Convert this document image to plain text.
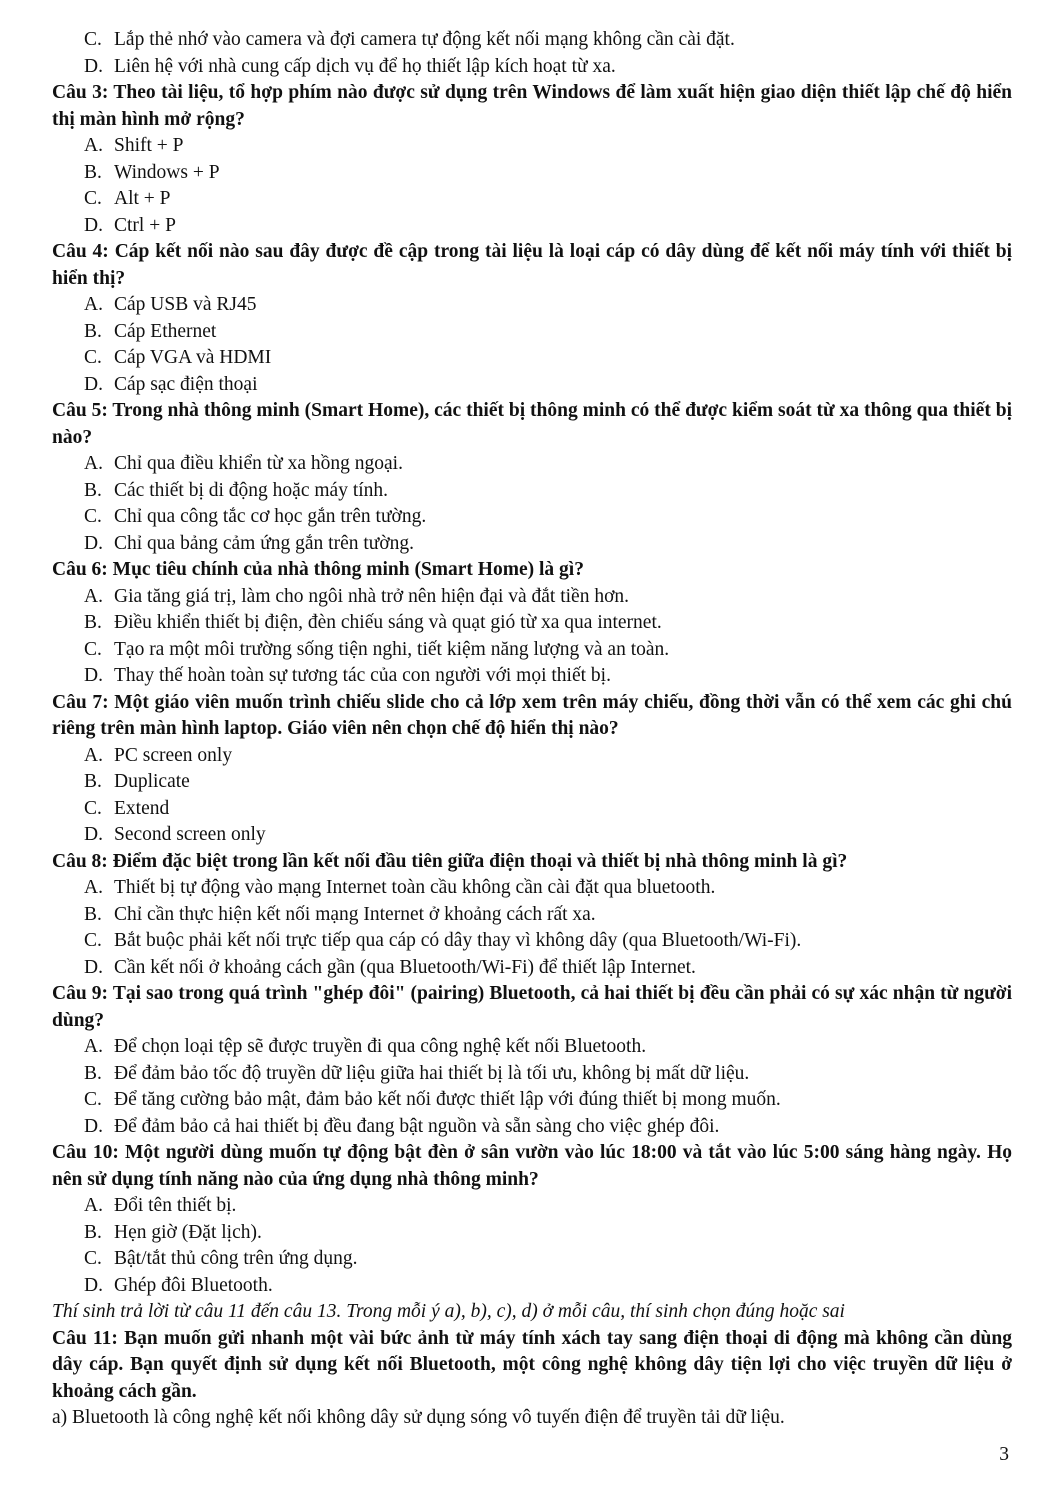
C. Lắp thẻ nhớ vào camera và đợi camera tự động kết nối mạng không cần cài đặt.
D. Liên hệ với nhà cung cấp dịch vụ để họ thiết lập kích hoạt từ xa.
Câu 3: Theo tài liệu, tổ hợp phím nào được sử dụng trên Windows để làm xuất hiện giao diện thiết lập chế độ hiển thị màn hình mở rộng?
A. Shift + P
B. Windows + P
C. Alt + P
D. Ctrl + P
Câu 4: Cáp kết nối nào sau đây được đề cập trong tài liệu là loại cáp có dây dùng để kết nối máy tính với thiết bị hiển thị?
A. Cáp USB và RJ45
B. Cáp Ethernet
C. Cáp VGA và HDMI
D. Cáp sạc điện thoại
Câu 5: Trong nhà thông minh (Smart Home), các thiết bị thông minh có thể được kiểm soát từ xa thông qua thiết bị nào?
A. Chỉ qua điều khiển từ xa hồng ngoại.
B. Các thiết bị di động hoặc máy tính.
C. Chỉ qua công tắc cơ học gắn trên tường.
D. Chỉ qua bảng cảm ứng gắn trên tường.
Câu 6: Mục tiêu chính của nhà thông minh (Smart Home) là gì?
A. Gia tăng giá trị, làm cho ngôi nhà trở nên hiện đại và đắt tiền hơn.
B. Điều khiển thiết bị điện, đèn chiếu sáng và quạt gió từ xa qua internet.
C. Tạo ra một môi trường sống tiện nghi, tiết kiệm năng lượng và an toàn.
D. Thay thế hoàn toàn sự tương tác của con người với mọi thiết bị.
Câu 7: Một giáo viên muốn trình chiếu slide cho cả lớp xem trên máy chiếu, đồng thời vẫn có thể xem các ghi chú riêng trên màn hình laptop. Giáo viên nên chọn chế độ hiển thị nào?
A. PC screen only
B. Duplicate
C. Extend
D. Second screen only
Câu 8: Điểm đặc biệt trong lần kết nối đầu tiên giữa điện thoại và thiết bị nhà thông minh là gì?
A. Thiết bị tự động vào mạng Internet toàn cầu không cần cài đặt qua bluetooth.
B. Chỉ cần thực hiện kết nối mạng Internet ở khoảng cách rất xa.
C. Bắt buộc phải kết nối trực tiếp qua cáp có dây thay vì không dây (qua Bluetooth/Wi-Fi).
D. Cần kết nối ở khoảng cách gần (qua Bluetooth/Wi-Fi) để thiết lập Internet.
Câu 9: Tại sao trong quá trình "ghép đôi" (pairing) Bluetooth, cả hai thiết bị đều cần phải có sự xác nhận từ người dùng?
A. Để chọn loại tệp sẽ được truyền đi qua công nghệ kết nối Bluetooth.
B. Để đảm bảo tốc độ truyền dữ liệu giữa hai thiết bị là tối ưu, không bị mất dữ liệu.
C. Để tăng cường bảo mật, đảm bảo kết nối được thiết lập với đúng thiết bị mong muốn.
D. Để đảm bảo cả hai thiết bị đều đang bật nguồn và sẵn sàng cho việc ghép đôi.
Câu 10: Một người dùng muốn tự động bật đèn ở sân vườn vào lúc 18:00 và tắt vào lúc 5:00 sáng hàng ngày. Họ nên sử dụng tính năng nào của ứng dụng nhà thông minh?
A. Đổi tên thiết bị.
B. Hẹn giờ (Đặt lịch).
C. Bật/tắt thủ công trên ứng dụng.
D. Ghép đôi Bluetooth.
Thí sinh trả lời từ câu 11 đến câu 13. Trong mỗi ý a), b), c), d) ở mỗi câu, thí sinh chọn đúng hoặc sai
Câu 11: Bạn muốn gửi nhanh một vài bức ảnh từ máy tính xách tay sang điện thoại di động mà không cần dùng dây cáp. Bạn quyết định sử dụng kết nối Bluetooth, một công nghệ không dây tiện lợi cho việc truyền dữ liệu ở khoảng cách gần.
a) Bluetooth là công nghệ kết nối không dây sử dụng sóng vô tuyến điện để truyền tải dữ liệu.
3
